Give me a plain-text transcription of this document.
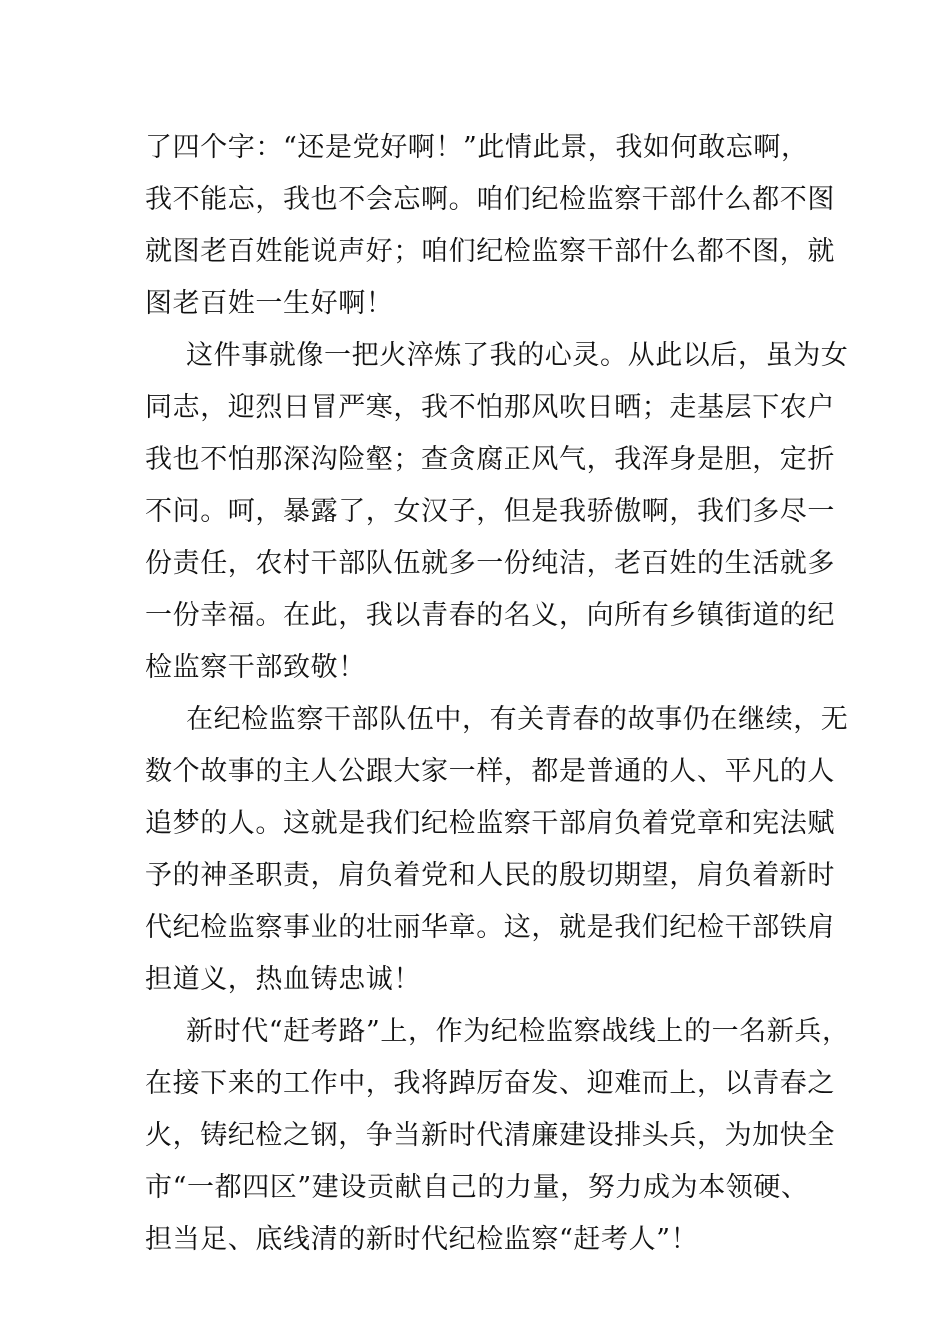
了四个字：“还是党好啊！”此情此景，我如何敢忘啊，
我不能忘，我也不会忘啊。咱们纪检监察干部什么都不图
就图老百姓能说声好；咱们纪检监察干部什么都不图，就
图老百姓一生好啊！
这件事就像一把火淬炼了我的心灵。从此以后，虽为女
同志，迎烈日冒严寒，我不怕那风吹日晒；走基层下农户
我也不怕那深沟险壑；查贪腐正风气，我浑身是胆，定折
不问。呵，暴露了，女汉子，但是我骄傲啊，我们多尽一
份责任，农村干部队伍就多一份纯洁，老百姓的生活就多
一份幸福。在此，我以青春的名义，向所有乡镇街道的纪
检监察干部致敬！
在纪检监察干部队伍中，有关青春的故事仍在继续，无
数个故事的主人公跟大家一样，都是普通的人、平凡的人
追梦的人。这就是我们纪检监察干部肩负着党章和宪法赋
予的神圣职责，肩负着党和人民的殷切期望，肩负着新时
代纪检监察事业的壮丽华章。这，就是我们纪检干部铁肩
担道义，热血铸忠诚！
新时代“赶考路”上，作为纪检监察战线上的一名新兵，
在接下来的工作中，我将踔厉奋发、迎难而上，以青春之
火，铸纪检之钢，争当新时代清廉建设排头兵，为加快全
市“一都四区”建设贡献自己的力量，努力成为本领硬、
担当足、底线清的新时代纪检监察“赶考人”！
